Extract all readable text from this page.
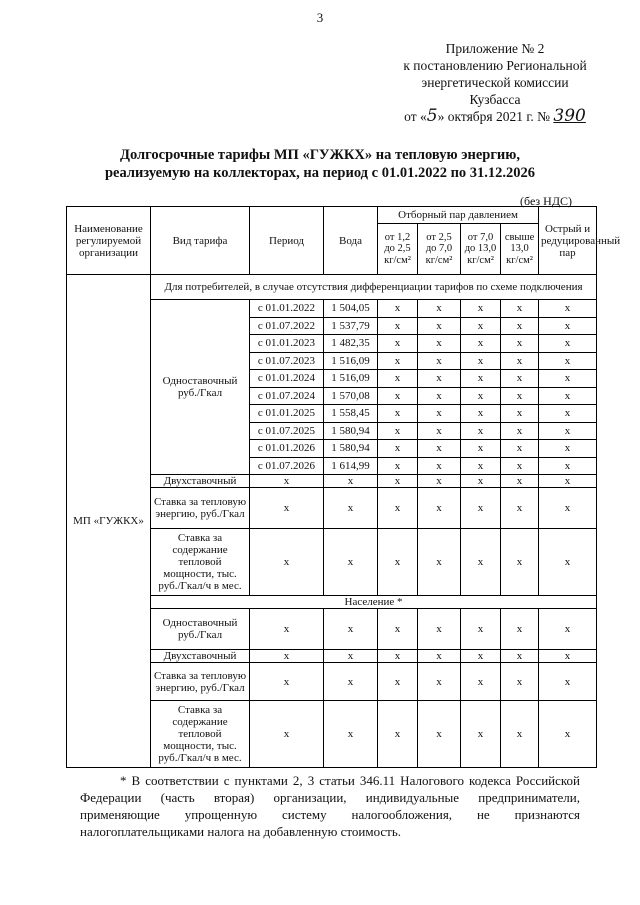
3
Приложение № 2
к постановлению Региональной
энергетической комиссии
Кузбасса
от «5» октября 2021 г. № 390
Долгосрочные тарифы МП «ГУЖКХ» на тепловую энергию,
реализуемую на коллекторах, на период с 01.01.2022 по 31.12.2026
(без НДС)
Наименование регулируемой организации	Вид тарифа	Период	Вода	Отборный пар давлением				Острый и редуцированный пар
				от 1,2 до 2,5 кг/см²	от 2,5 до 7,0 кг/см²	от 7,0 до 13,0 кг/см²	свыше 13,0 кг/см²	
МП «ГУЖКХ»	Для потребителей, в случае отсутствия дифференциации тарифов по схеме подключения							
	Одноставочный руб./Гкал	с 01.01.2022	1 504,05	x	x	x	x	x
		с 01.07.2022	1 537,79	x	x	x	x	x
		с 01.01.2023	1 482,35	x	x	x	x	x
		с 01.07.2023	1 516,09	x	x	x	x	x
		с 01.01.2024	1 516,09	x	x	x	x	x
		с 01.07.2024	1 570,08	x	x	x	x	x
		с 01.01.2025	1 558,45	x	x	x	x	x
		с 01.07.2025	1 580,94	x	x	x	x	x
		с 01.01.2026	1 580,94	x	x	x	x	x
		с 01.07.2026	1 614,99	x	x	x	x	x
	Двухставочный	x	x	x	x	x	x	x
	Ставка за тепловую энергию, руб./Гкал	x	x	x	x	x	x	x
	Ставка за содержание тепловой мощности, тыс. руб./Гкал/ч в мес.	x	x	x	x	x	x	x
	Население *							
	Одноставочный руб./Гкал	x	x	x	x	x	x	x
	Двухставочный	x	x	x	x	x	x	x
	Ставка за тепловую энергию, руб./Гкал	x	x	x	x	x	x	x
	Ставка за содержание тепловой мощности, тыс. руб./Гкал/ч в мес.	x	x	x	x	x	x	x

* В соответствии с пунктами 2, 3 статьи 346.11 Налогового кодекса Российской Федерации (часть вторая) организации, индивидуальные предприниматели, применяющие упрощенную систему налогообложения, не признаются налогоплательщиками налога на добавленную стоимость.
